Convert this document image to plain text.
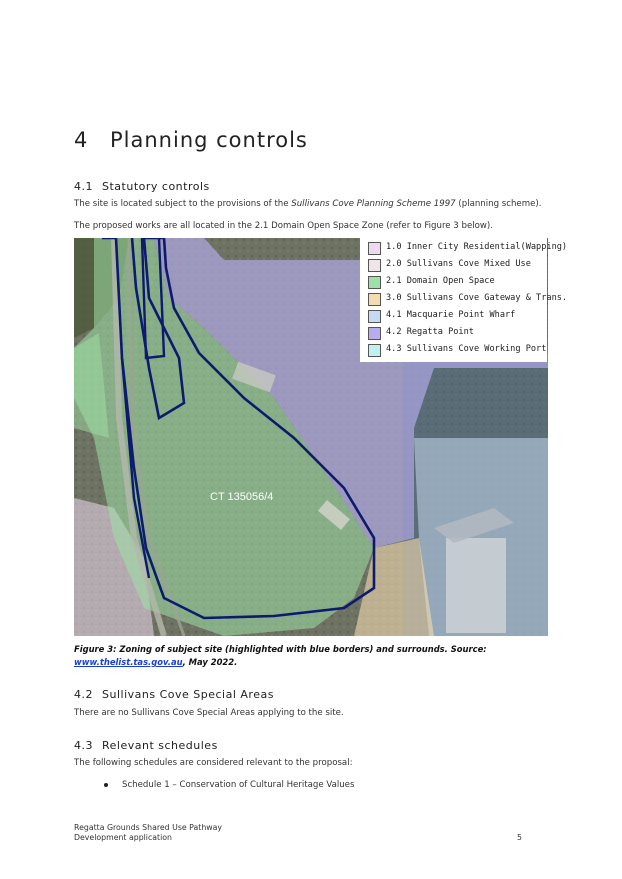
4 Planning controls
4.1 Statutory controls
The site is located subject to the provisions of the Sullivans Cove Planning Scheme 1997 (planning scheme).
The proposed works are all located in the 2.1 Domain Open Space Zone (refer to Figure 3 below).
CT 135056/4
1.0 Inner City Residential(Wapping)
2.0 Sullivans Cove Mixed Use
2.1 Domain Open Space
3.0 Sullivans Cove Gateway & Trans.
4.1 Macquarie Point Wharf
4.2 Regatta Point
4.3 Sullivans Cove Working Port
Figure 3: Zoning of subject site (highlighted with blue borders) and surrounds. Source: www.thelist.tas.gov.au, May 2022.
4.2 Sullivans Cove Special Areas
There are no Sullivans Cove Special Areas applying to the site.
4.3 Relevant schedules
The following schedules are considered relevant to the proposal:
Schedule 1 – Conservation of Cultural Heritage Values
Regatta Grounds Shared Use Pathway
Development application	5
